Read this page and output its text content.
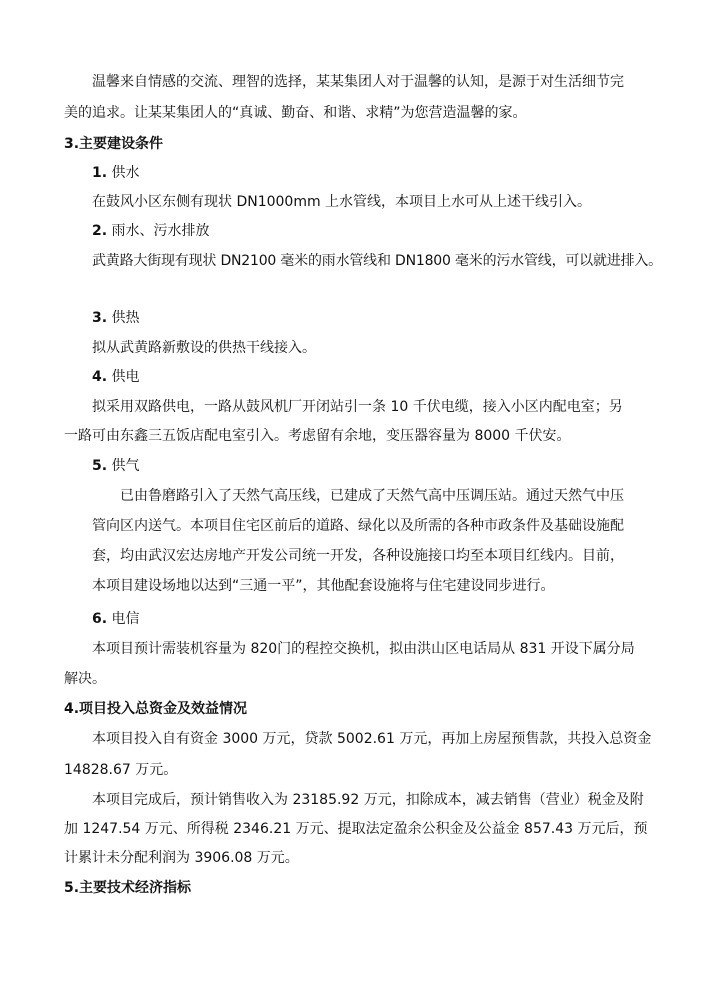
温馨来自情感的交流、理智的选择，某某集团人对于温馨的认知，是源于对生活细节完
美的追求。让某某集团人的“真诚、勤奋、和谐、求精”为您营造温馨的家。
3.主要建设条件
1. 供水
在鼓风小区东侧有现状 DN1000mm 上水管线，本项目上水可从上述干线引入。
2. 雨水、污水排放
武黄路大街现有现状 DN2100 毫米的雨水管线和 DN1800 毫米的污水管线，可以就进排入。
3. 供热
拟从武黄路新敷设的供热干线接入。
4. 供电
拟采用双路供电，一路从鼓风机厂开闭站引一条 10 千伏电缆，接入小区内配电室；另
一路可由东鑫三五饭店配电室引入。考虑留有余地，变压器容量为 8000 千伏安。
5. 供气
已由鲁磨路引入了天然气高压线，已建成了天然气高中压调压站。通过天然气中压
管向区内送气。本项目住宅区前后的道路、绿化以及所需的各种市政条件及基础设施配
套，均由武汉宏达房地产开发公司统一开发，各种设施接口均至本项目红线内。目前，
本项目建设场地以达到“三通一平”，其他配套设施将与住宅建设同步进行。
6. 电信
本项目预计需装机容量为 820门的程控交换机，拟由洪山区电话局从 831 开设下属分局
解决。
4.项目投入总资金及效益情况
本项目投入自有资金 3000 万元，贷款 5002.61 万元，再加上房屋预售款，共投入总资金
14828.67 万元。
本项目完成后，预计销售收入为 23185.92 万元，扣除成本，减去销售（营业）税金及附
加 1247.54 万元、所得税 2346.21 万元、提取法定盈余公积金及公益金 857.43 万元后，预
计累计未分配利润为 3906.08 万元。
5.主要技术经济指标
